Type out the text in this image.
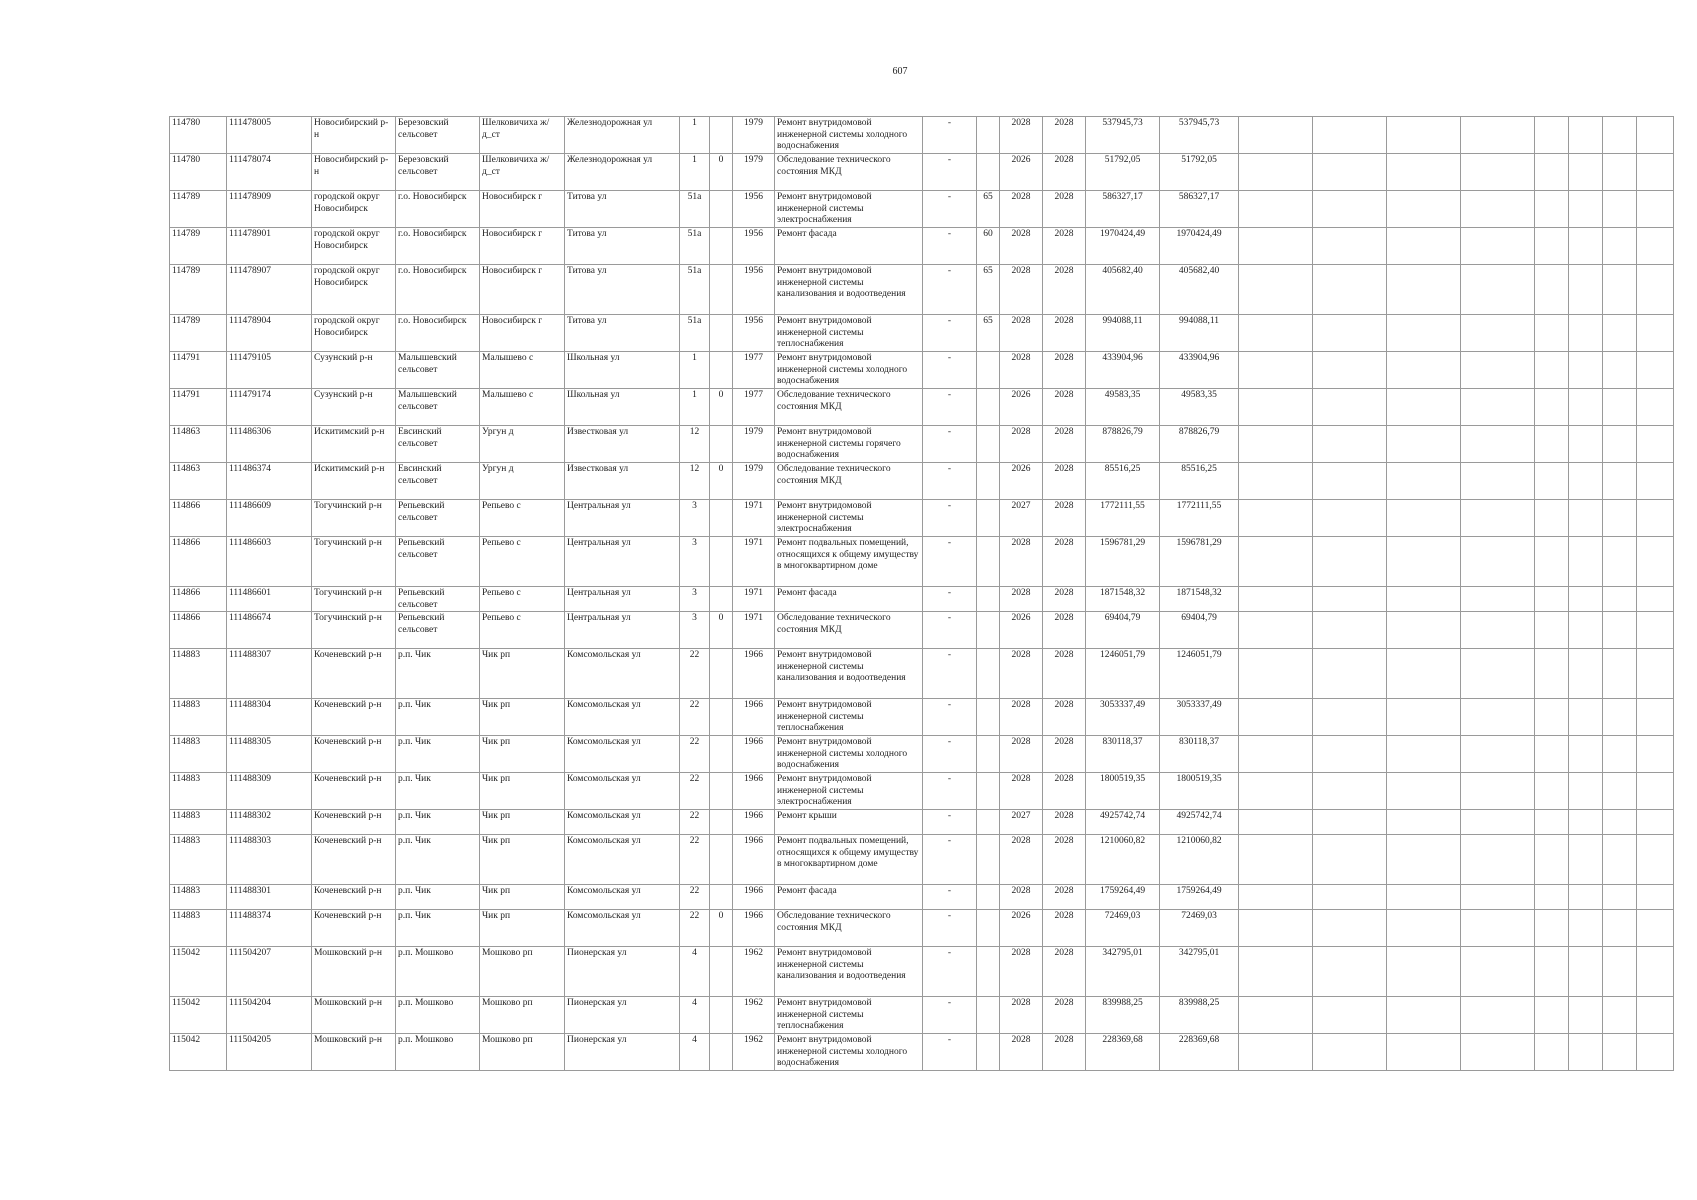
607
114780	111478005	Новосибирский р-н	Березовский сельсовет	Шелковичиха ж/д_ст	Железнодорожная ул	1		1979	Ремонт внутридомовой инженерной системы холодного водоснабжения	-		2028	2028	537945,73	537945,73								
114780	111478074	Новосибирский р-н	Березовский сельсовет	Шелковичиха ж/д_ст	Железнодорожная ул	1	0	1979	Обследование технического состояния МКД	-		2026	2028	51792,05	51792,05								
114789	111478909	городской округ Новосибирск	г.о. Новосибирск	Новосибирск г	Титова ул	51а		1956	Ремонт внутридомовой инженерной системы электроснабжения	-	65	2028	2028	586327,17	586327,17								
114789	111478901	городской округ Новосибирск	г.о. Новосибирск	Новосибирск г	Титова ул	51а		1956	Ремонт фасада	-	60	2028	2028	1970424,49	1970424,49								
114789	111478907	городской округ Новосибирск	г.о. Новосибирск	Новосибирск г	Титова ул	51а		1956	Ремонт внутридомовой инженерной системы канализования и водоотведения	-	65	2028	2028	405682,40	405682,40								
114789	111478904	городской округ Новосибирск	г.о. Новосибирск	Новосибирск г	Титова ул	51а		1956	Ремонт внутридомовой инженерной системы теплоснабжения	-	65	2028	2028	994088,11	994088,11								
114791	111479105	Сузунский р-н	Малышевский сельсовет	Малышево с	Школьная ул	1		1977	Ремонт внутридомовой инженерной системы холодного водоснабжения	-		2028	2028	433904,96	433904,96								
114791	111479174	Сузунский р-н	Малышевский сельсовет	Малышево с	Школьная ул	1	0	1977	Обследование технического состояния МКД	-		2026	2028	49583,35	49583,35								
114863	111486306	Искитимский р-н	Евсинский сельсовет	Ургун д	Известковая ул	12		1979	Ремонт внутридомовой инженерной системы горячего водоснабжения	-		2028	2028	878826,79	878826,79								
114863	111486374	Искитимский р-н	Евсинский сельсовет	Ургун д	Известковая ул	12	0	1979	Обследование технического состояния МКД	-		2026	2028	85516,25	85516,25								
114866	111486609	Тогучинский р-н	Репьевский сельсовет	Репьево с	Центральная ул	3		1971	Ремонт внутридомовой инженерной системы электроснабжения	-		2027	2028	1772111,55	1772111,55								
114866	111486603	Тогучинский р-н	Репьевский сельсовет	Репьево с	Центральная ул	3		1971	Ремонт подвальных помещений, относящихся к общему имуществу в многоквартирном доме	-		2028	2028	1596781,29	1596781,29								
114866	111486601	Тогучинский р-н	Репьевский сельсовет	Репьево с	Центральная ул	3		1971	Ремонт фасада	-		2028	2028	1871548,32	1871548,32								
114866	111486674	Тогучинский р-н	Репьевский сельсовет	Репьево с	Центральная ул	3	0	1971	Обследование технического состояния МКД	-		2026	2028	69404,79	69404,79								
114883	111488307	Коченевский р-н	р.п. Чик	Чик рп	Комсомольская ул	22		1966	Ремонт внутридомовой инженерной системы канализования и водоотведения	-		2028	2028	1246051,79	1246051,79								
114883	111488304	Коченевский р-н	р.п. Чик	Чик рп	Комсомольская ул	22		1966	Ремонт внутридомовой инженерной системы теплоснабжения	-		2028	2028	3053337,49	3053337,49								
114883	111488305	Коченевский р-н	р.п. Чик	Чик рп	Комсомольская ул	22		1966	Ремонт внутридомовой инженерной системы холодного водоснабжения	-		2028	2028	830118,37	830118,37								
114883	111488309	Коченевский р-н	р.п. Чик	Чик рп	Комсомольская ул	22		1966	Ремонт внутридомовой инженерной системы электроснабжения	-		2028	2028	1800519,35	1800519,35								
114883	111488302	Коченевский р-н	р.п. Чик	Чик рп	Комсомольская ул	22		1966	Ремонт крыши	-		2027	2028	4925742,74	4925742,74								
114883	111488303	Коченевский р-н	р.п. Чик	Чик рп	Комсомольская ул	22		1966	Ремонт подвальных помещений, относящихся к общему имуществу в многоквартирном доме	-		2028	2028	1210060,82	1210060,82								
114883	111488301	Коченевский р-н	р.п. Чик	Чик рп	Комсомольская ул	22		1966	Ремонт фасада	-		2028	2028	1759264,49	1759264,49								
114883	111488374	Коченевский р-н	р.п. Чик	Чик рп	Комсомольская ул	22	0	1966	Обследование технического состояния МКД	-		2026	2028	72469,03	72469,03								
115042	111504207	Мошковский р-н	р.п. Мошково	Мошково рп	Пионерская ул	4		1962	Ремонт внутридомовой инженерной системы канализования и водоотведения	-		2028	2028	342795,01	342795,01								
115042	111504204	Мошковский р-н	р.п. Мошково	Мошково рп	Пионерская ул	4		1962	Ремонт внутридомовой инженерной системы теплоснабжения	-		2028	2028	839988,25	839988,25								
115042	111504205	Мошковский р-н	р.п. Мошково	Мошково рп	Пионерская ул	4		1962	Ремонт внутридомовой инженерной системы холодного водоснабжения	-		2028	2028	228369,68	228369,68								
